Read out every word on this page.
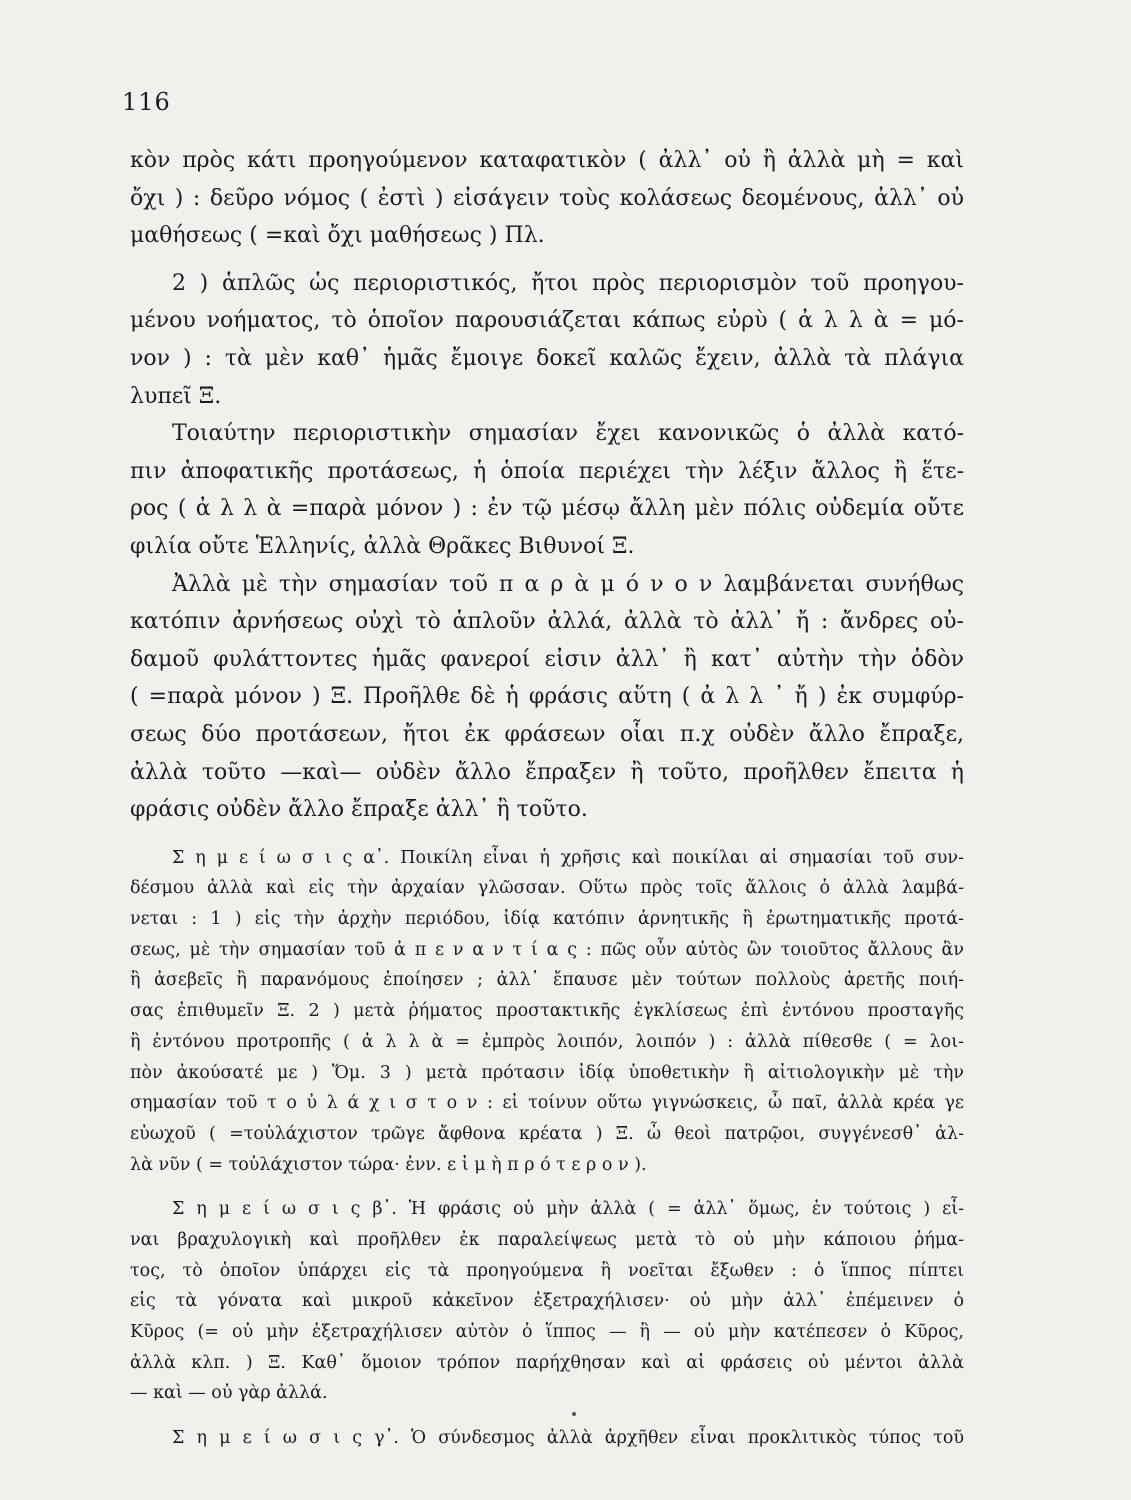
116
κὸν πρὸς κάτι προηγούμενον καταφατικὸν ( ἀλλ᾽ οὐ ἢ ἀλλὰ μὴ = καὶ
ὄχι ) : δεῦρο νόμος ( ἐστὶ ) εἰσάγειν τοὺς κολάσεως δεομένους, ἀλλ᾽ οὐ
μαθήσεως ( =καὶ ὄχι μαθήσεως ) Πλ.
2 ) ἁπλῶς ὡς περιοριστικός, ἤτοι πρὸς περιορισμὸν τοῦ προηγου-
μένου νοήματος, τὸ ὁποῖον παρουσιάζεται κάπως εὐρὺ ( ἀ λ λ ὰ = μό-
νον ) : τὰ μὲν καθ᾽ ἡμᾶς ἔμοιγε δοκεῖ καλῶς ἔχειν, ἀλλὰ τὰ πλάγια
λυπεῖ Ξ.
Τοιαύτην περιοριστικὴν σημασίαν ἔχει κανονικῶς ὁ ἀλλὰ κατό-
πιν ἀποφατικῆς προτάσεως, ἡ ὁποία περιέχει τὴν λέξιν ἄλλος ἢ ἕτε-
ρος ( ἀ λ λ ὰ =παρὰ μόνον ) : ἐν τῷ μέσῳ ἄλλη μὲν πόλις οὐδεμία οὔτε
φιλία οὔτε Ἑλληνίς, ἀλλὰ Θρᾶκες Βιθυνοί Ξ.
Ἀλλὰ μὲ τὴν σημασίαν τοῦ π α ρ ὰ μ ό ν ο ν λαμβάνεται συνήθως
κατόπιν ἀρνήσεως οὐχὶ τὸ ἁπλοῦν ἀλλά, ἀλλὰ τὸ ἀλλ᾽ ἤ : ἄνδρες οὐ-
δαμοῦ φυλάττοντες ἡμᾶς φανεροί εἰσιν ἀλλ᾽ ἢ κατ᾽ αὐτὴν τὴν ὁδὸν
( =παρὰ μόνον ) Ξ. Προῆλθε δὲ ἡ φράσις αὕτη ( ἀ λ λ ᾽ ἤ ) ἐκ συμφύρ-
σεως δύο προτάσεων, ἤτοι ἐκ φράσεων οἷαι π.χ οὐδὲν ἄλλο ἔπραξε,
ἀλλὰ τοῦτο —καὶ— οὐδὲν ἄλλο ἔπραξεν ἢ τοῦτο, προῆλθεν ἔπειτα ἡ
φράσις οὐδὲν ἄλλο ἔπραξε ἀλλ᾽ ἢ τοῦτο.
Σ η μ ε ί ω σ ι ς α᾽. Ποικίλη εἶναι ἡ χρῆσις καὶ ποικίλαι αἱ σημασίαι τοῦ συν-
δέσμου ἀλλὰ καὶ εἰς τὴν ἀρχαίαν γλῶσσαν. Οὕτω πρὸς τοῖς ἄλλοις ὁ ἀλλὰ λαμβά-
νεται : 1 ) εἰς τὴν ἀρχὴν περιόδου, ἰδίᾳ κατόπιν ἀρνητικῆς ἢ ἐρωτηματικῆς προτά-
σεως, μὲ τὴν σημασίαν τοῦ ἀ π ε ν α ν τ ί α ς : πῶς οὖν αὐτὸς ὢν τοιοῦτος ἄλλους ἂν
ἢ ἀσεβεῖς ἢ παρανόμους ἐποίησεν ; ἀλλ᾽ ἔπαυσε μὲν τούτων πολλοὺς ἀρετῆς ποιή-
σας ἐπιθυμεῖν Ξ. 2 ) μετὰ ῥήματος προστακτικῆς ἐγκλίσεως ἐπὶ ἐντόνου προσταγῆς
ἢ ἐντόνου προτροπῆς ( ἀ λ λ ὰ = ἐμπρὸς λοιπόν, λοιπόν ) : ἀλλὰ πίθεσθε ( = λοι-
πὸν ἀκούσατέ με ) Ὅμ. 3 ) μετὰ πρότασιν ἰδίᾳ ὑποθετικὴν ἢ αἰτιολογικὴν μὲ τὴν
σημασίαν τοῦ τ ο ὐ λ ά χ ι σ τ ο ν : εἰ τοίνυν οὕτω γιγνώσκεις, ὦ παῖ, ἀλλὰ κρέα γε
εὐωχοῦ ( =τοὐλάχιστον τρῶγε ἄφθονα κρέατα ) Ξ. ὦ θεοὶ πατρῷοι, συγγένεσθ᾽ ἀλ-
λὰ νῦν ( = τοὐλάχιστον τώρα· ἐνν. ε ἰ μ ὴ π ρ ό τ ε ρ ο ν ).
Σ η μ ε ί ω σ ι ς β᾽. Ἡ φράσις οὐ μὴν ἀλλὰ ( = ἀλλ᾽ ὅμως, ἐν τούτοις ) εἶ-
ναι βραχυλογικὴ καὶ προῆλθεν ἐκ παραλείψεως μετὰ τὸ οὐ μὴν κάποιου ῥήμα-
τος, τὸ ὁποῖον ὑπάρχει εἰς τὰ προηγούμενα ἢ νοεῖται ἔξωθεν : ὁ ἵππος πίπτει
εἰς τὰ γόνατα καὶ μικροῦ κἀκεῖνον ἐξετραχήλισεν· οὐ μὴν ἀλλ᾽ ἐπέμεινεν ὁ
Κῦρος (= οὐ μὴν ἐξετραχήλισεν αὐτὸν ὁ ἵππος — ἢ — οὐ μὴν κατέπεσεν ὁ Κῦρος,
ἀλλὰ κλπ. ) Ξ. Καθ᾽ ὅμοιον τρόπον παρήχθησαν καὶ αἱ φράσεις οὐ μέντοι ἀλλὰ
— καὶ — οὐ γὰρ ἀλλά.
Σ η μ ε ί ω σ ι ς γ᾽. Ὁ σύνδεσμος ἀλλὰ ἀρχῆθεν εἶναι προκλιτικὸς τύπος τοῦ
